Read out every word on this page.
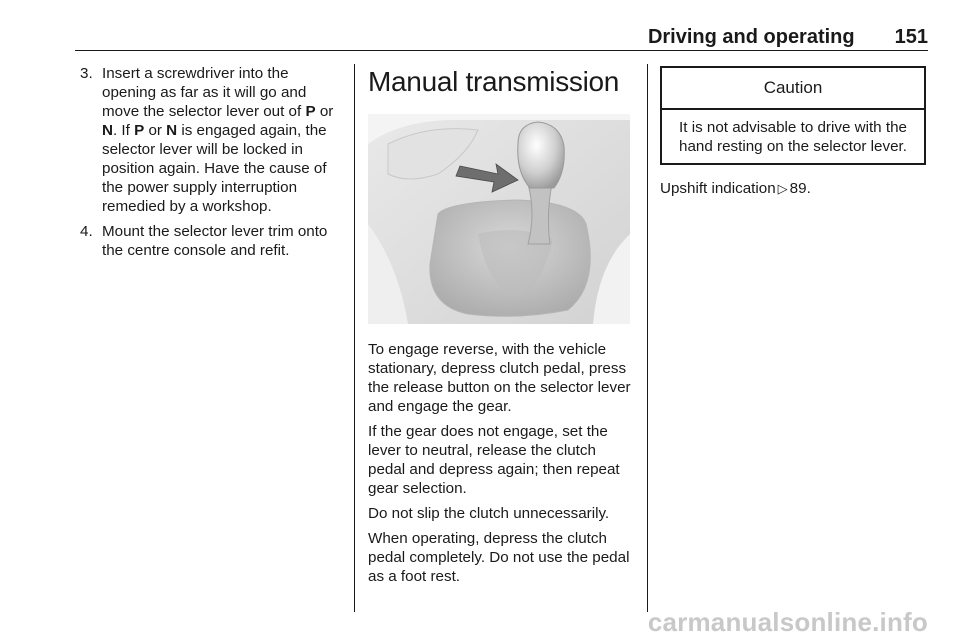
Driving and operating 151
3. Insert a screwdriver into the opening as far as it will go and move the selector lever out of P or N. If P or N is engaged again, the selector lever will be locked in position again. Have the cause of the power supply interruption remedied by a workshop.
4. Mount the selector lever trim onto the centre console and refit.
Manual transmission

To engage reverse, with the vehicle stationary, depress clutch pedal, press the release button on the selector lever and engage the gear.

If the gear does not engage, set the lever to neutral, release the clutch pedal and depress again; then repeat gear selection.

Do not slip the clutch unnecessarily.

When operating, depress the clutch pedal completely. Do not use the pedal as a foot rest.

Caution
It is not advisable to drive with the hand resting on the selector lever.
Upshift indication ▷ 89.
carmanualsonline.info
